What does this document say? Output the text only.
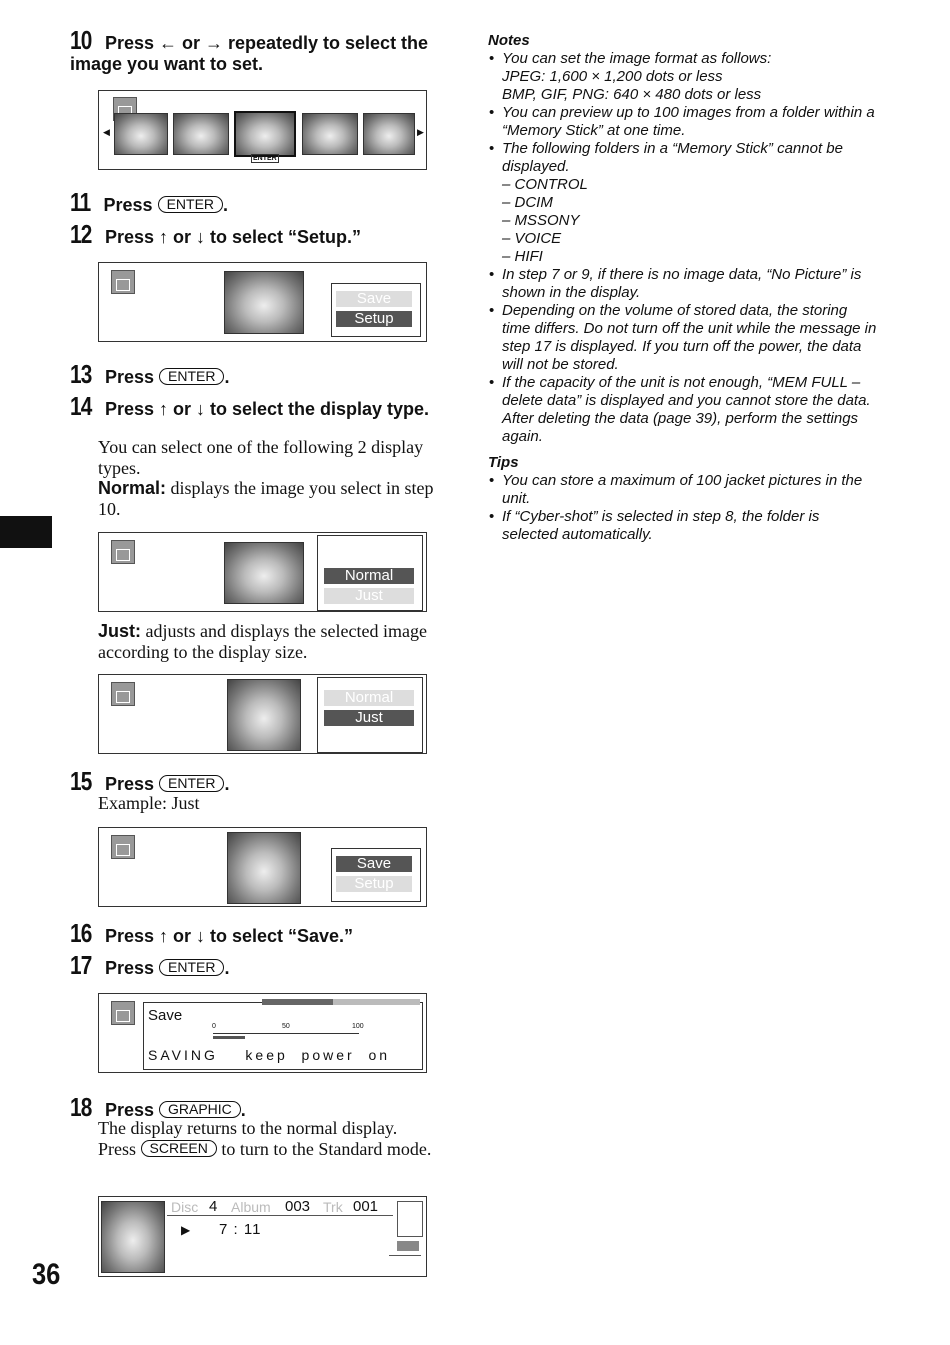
10 Press ← or → repeatedly to select the image you want to set.
◀	▶
ENTER
11 Press ENTER .
12 Press ↑ or ↓ to select “Setup.”
Save
Setup
13 Press ENTER .
14 Press ↑ or ↓ to select the display type.
You can select one of the following 2 display types.
Normal: displays the image you select in step 10.
Normal
Just
Just: adjusts and displays the selected image according to the display size.
Normal
Just
15 Press ENTER .
Example: Just
Save
Setup
16 Press ↑ or ↓ to select “Save.”
17 Press ENTER .
Save
0	50	100
SAVING    keep  power  on
18 Press GRAPHIC .
The display returns to the normal display.
Press SCREEN to turn to the Standard mode.
Disc 4 Album 003 Trk 001
▶ 7 : 11
Notes
• You can set the image format as follows:
JPEG: 1,600 × 1,200 dots or less
BMP, GIF, PNG: 640 × 480 dots or less
• You can preview up to 100 images from a folder within a “Memory Stick” at one time.
• The following folders in a “Memory Stick” cannot be displayed.
– CONTROL
– DCIM
– MSSONY
– VOICE
– HIFI
• In step 7 or 9, if there is no image data, “No Picture” is shown in the display.
• Depending on the volume of stored data, the storing time differs. Do not turn off the unit while the message in step 17 is displayed. If you turn off the power, the data will not be stored.
• If the capacity of the unit is not enough, “MEM FULL – delete data” is displayed and you cannot store the data. After deleting the data (page 39), perform the settings again.
Tips
• You can store a maximum of 100 jacket pictures in the unit.
• If “Cyber-shot” is selected in step 8, the folder is selected automatically.
36
